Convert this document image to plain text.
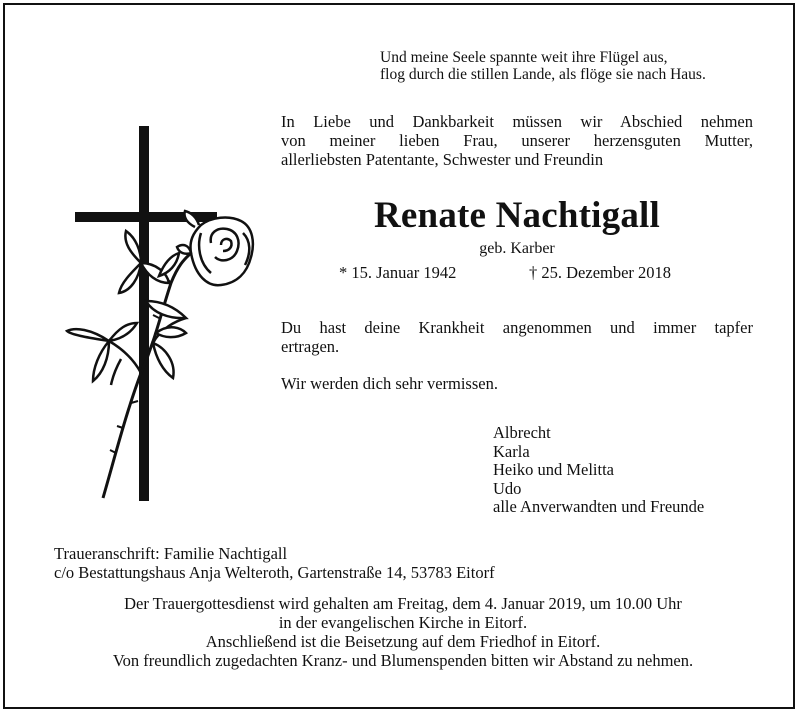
Und meine Seele spannte weit ihre Flügel aus,
flog durch die stillen Lande, als flöge sie nach Haus.
In Liebe und Dankbarkeit müssen wir Abschied nehmen
von meiner lieben Frau, unserer herzensguten Mutter,
allerliebsten Patentante, Schwester und Freundin
Renate Nachtigall
geb. Karber
* 15. Januar 1942	† 25. Dezember 2018
Du hast deine Krankheit angenommen und immer tapfer
ertragen.
Wir werden dich sehr vermissen.
Albrecht
Karla
Heiko und Melitta
Udo
alle Anverwandten und Freunde
Traueranschrift: Familie Nachtigall
c/o Bestattungshaus Anja Welteroth, Gartenstraße 14, 53783 Eitorf
Der Trauergottesdienst wird gehalten am Freitag, dem 4. Januar 2019, um 10.00 Uhr
in der evangelischen Kirche in Eitorf.
Anschließend ist die Beisetzung auf dem Friedhof in Eitorf.
Von freundlich zugedachten Kranz- und Blumenspenden bitten wir Abstand zu nehmen.
